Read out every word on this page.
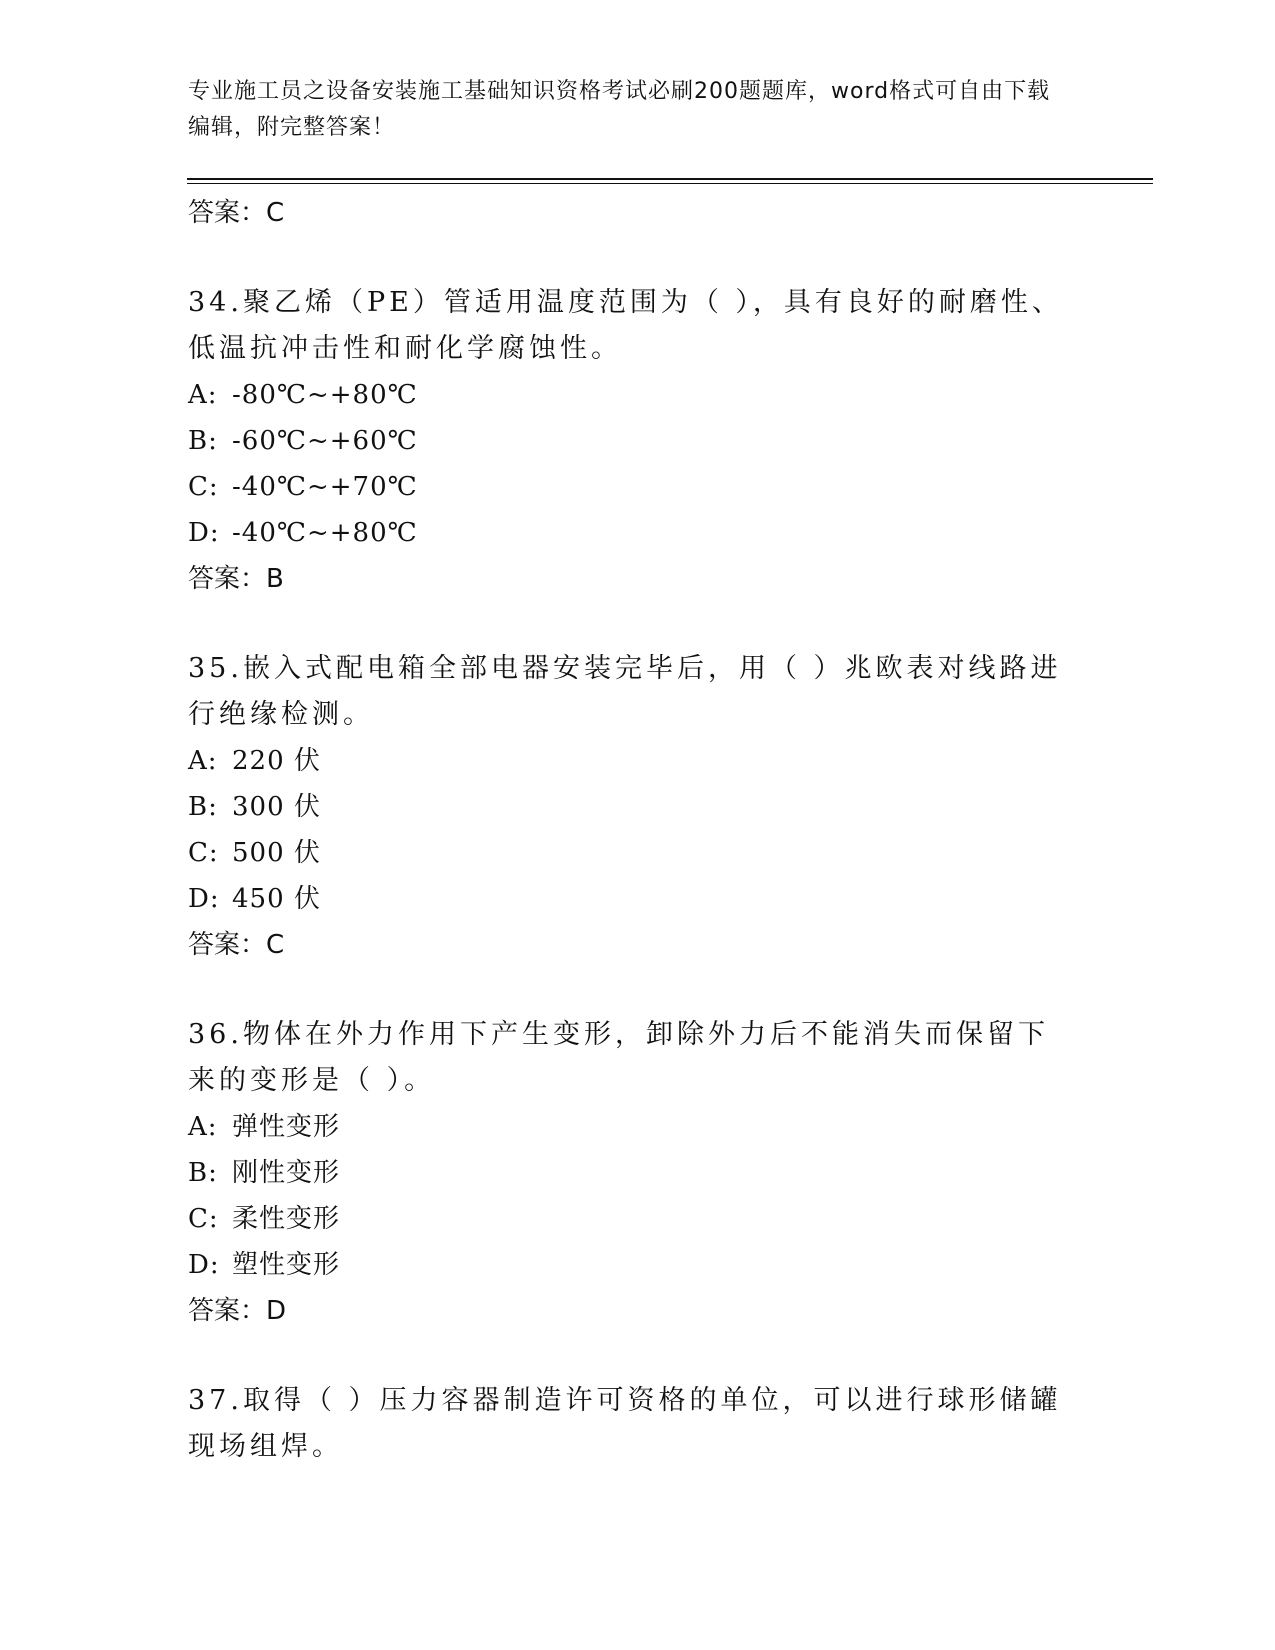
专业施工员之设备安装施工基础知识资格考试必刷200题题库，word格式可自由下载编辑，附完整答案！

答案：C

34.聚乙烯（PE）管适用温度范围为（ ），具有良好的耐磨性、低温抗冲击性和耐化学腐蚀性。

A: -80℃~+80℃

B: -60℃~+60℃

C: -40℃~+70℃

D: -40℃~+80℃

答案：B

35.嵌入式配电箱全部电器安装完毕后，用（ ）兆欧表对线路进行绝缘检测。

A: 220 伏

B: 300 伏

C: 500 伏

D: 450 伏

答案：C

36.物体在外力作用下产生变形，卸除外力后不能消失而保留下来的变形是（ ）。

A: 弹性变形

B: 刚性变形

C: 柔性变形

D: 塑性变形

答案：D

37.取得（ ）压力容器制造许可资格的单位，可以进行球形储罐现场组焊。
